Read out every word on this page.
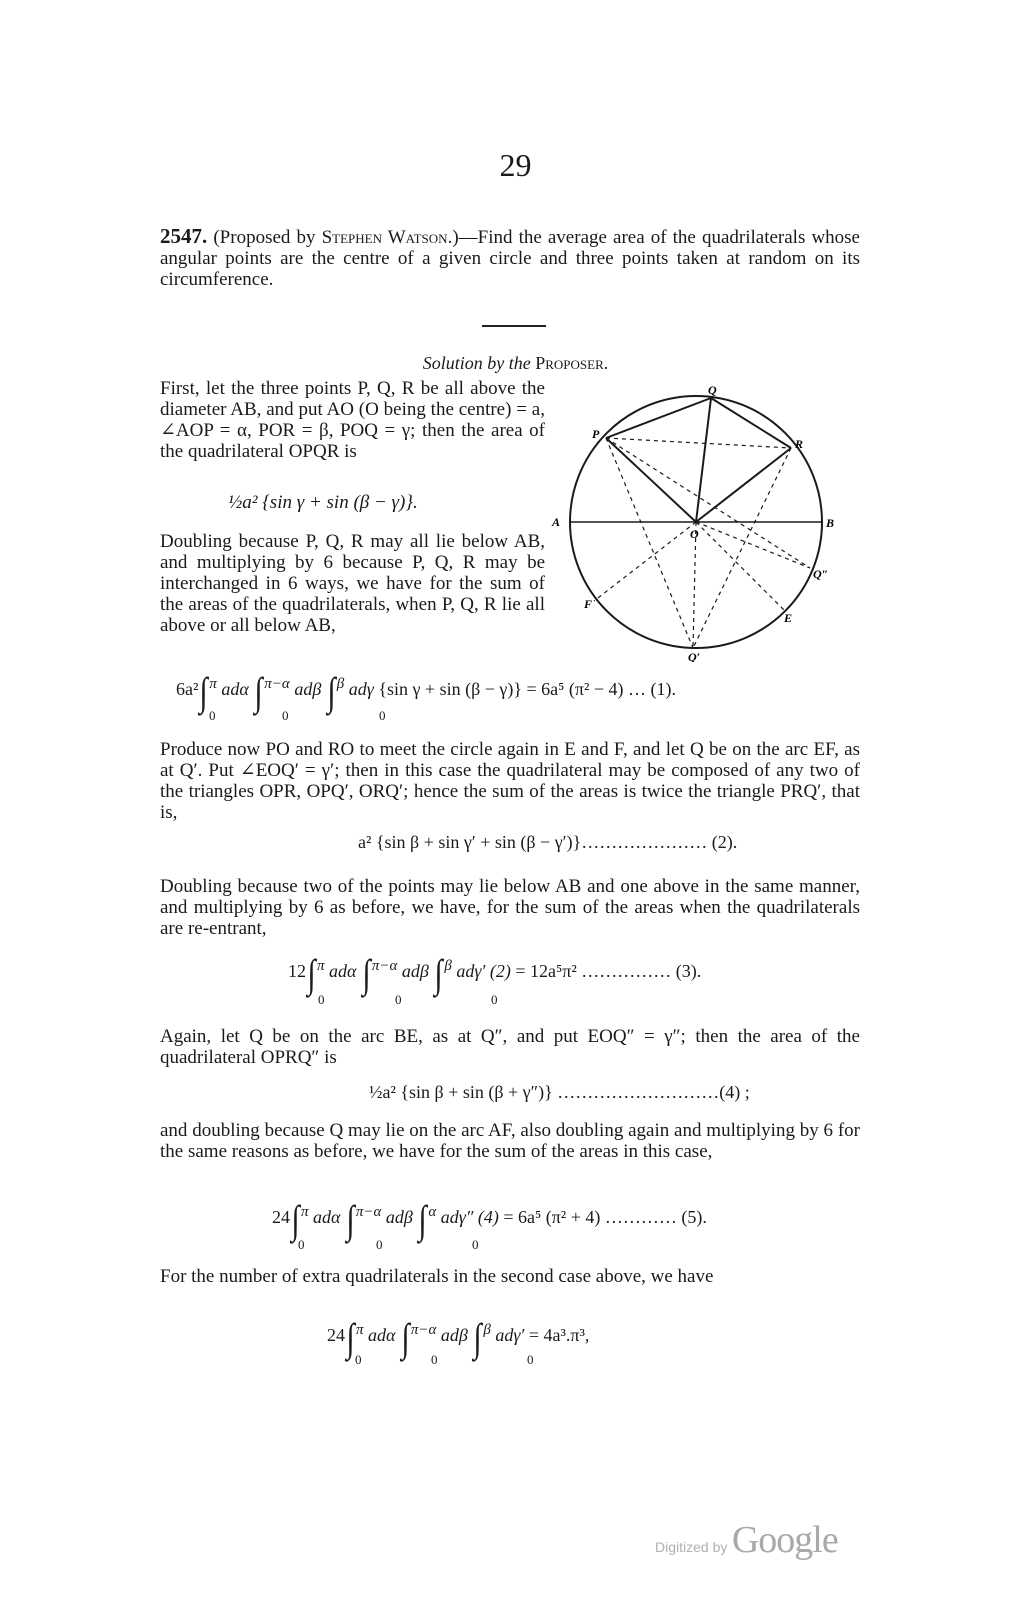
29
2547. (Proposed by Stephen Watson.)—Find the average area of the quadrilaterals whose angular points are the centre of a given circle and three points taken at random on its circumference.
Solution by the Proposer.
First, let the three points P, Q, R be all above the diameter AB, and put AO (O being the centre) = a, ∠AOP = α, POR = β, POQ = γ; then the area of the quadrilateral OPQR is
½a² {sin γ + sin (β − γ)}.
Doubling because P, Q, R may all lie below AB, and multiplying by 6 because P, Q, R may be interchanged in 6 ways, we have for the sum of the areas of the quadrilaterals, when P, Q, R lie all above or all below AB,
Q
P
R
A	B
O
Q″
F
E
Q′
6a²∫$^\pi$ adα ∫$^{\pi-\alpha}$ adβ ∫$^\beta$ adγ {sin γ + sin (β − γ)} = 6a⁵ (π² − 4) … (1).
0	0	0
Produce now PO and RO to meet the circle again in E and F, and let Q be on the arc EF, as at Q′. Put ∠EOQ′ = γ′; then in this case the quadrilateral may be composed of any two of the triangles OPR, OPQ′, ORQ′; hence the sum of the areas is twice the triangle PRQ′, that is,
a² {sin β + sin γ′ + sin (β − γ′)}………………… (2).
Doubling because two of the points may lie below AB and one above in the same manner, and multiplying by 6 as before, we have, for the sum of the areas when the quadrilaterals are re-entrant,
12∫$^\pi$ adα ∫$^{\pi-\alpha}$ adβ ∫$^\beta$ adγ′ (2) = 12a⁵π² …………… (3).
0	0	0
Again, let Q be on the arc BE, as at Q″, and put EOQ″ = γ″; then the area of the quadrilateral OPRQ″ is
½a² {sin β + sin (β + γ″)} ………………………(4) ;
and doubling because Q may lie on the arc AF, also doubling again and multiplying by 6 for the same reasons as before, we have for the sum of the areas in this case,
24∫$^\pi$ adα ∫$^{\pi-\alpha}$ adβ ∫$^\alpha$ adγ″ (4) = 6a⁵ (π² + 4) ………… (5).
0	0	0
For the number of extra quadrilaterals in the second case above, we have
24∫$^\pi$ adα ∫$^{\pi-\alpha}$ adβ ∫$^\beta$ adγ′ = 4a³.π³,
0	0	0
Digitized by Google
